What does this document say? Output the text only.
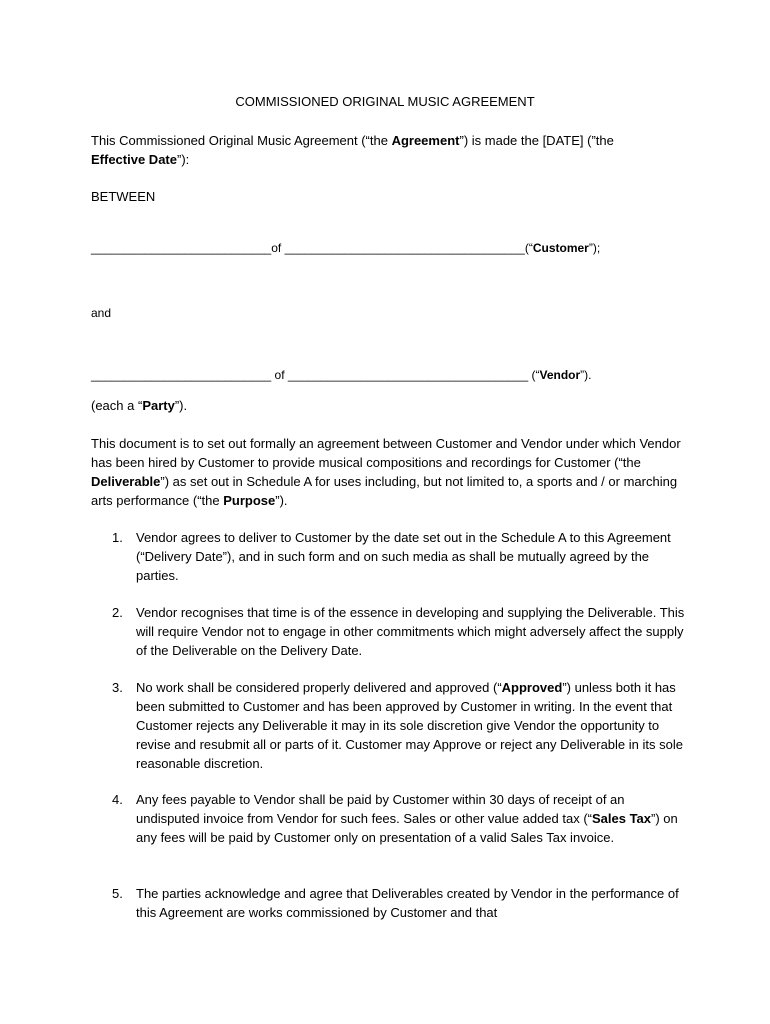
COMMISSIONED ORIGINAL MUSIC AGREEMENT
This Commissioned Original Music Agreement (“the Agreement”) is made the [DATE] (”the
Effective Date”):
BETWEEN
___________________________of ____________________________________(“Customer”);
and
___________________________ of ____________________________________ (“Vendor”).
(each a “Party”).
This document is to set out formally an agreement between Customer and Vendor under which Vendor has been hired by Customer to provide musical compositions and recordings for Customer (“the Deliverable”) as set out in Schedule A for uses including, but not limited to, a sports and / or marching arts performance (“the Purpose”).
1.	Vendor agrees to deliver to Customer by the date set out in the Schedule A to this Agreement (“Delivery Date”), and in such form and on such media as shall be mutually agreed by the parties.
2.	Vendor recognises that time is of the essence in developing and supplying the Deliverable. This will require Vendor not to engage in other commitments which might adversely affect the supply of the Deliverable on the Delivery Date.
3.	No work shall be considered properly delivered and approved (“Approved”) unless both it has been submitted to Customer and has been approved by Customer in writing. In the event that Customer rejects any Deliverable it may in its sole discretion give Vendor the opportunity to revise and resubmit all or parts of it. Customer may Approve or reject any Deliverable in its sole reasonable discretion.
4.	Any fees payable to Vendor shall be paid by Customer within 30 days of receipt of an undisputed invoice from Vendor for such fees. Sales or other value added tax (“Sales Tax”) on any fees will be paid by Customer only on presentation of a valid Sales Tax invoice.
5.	The parties acknowledge and agree that Deliverables created by Vendor in the performance of this Agreement are works commissioned by Customer and that
